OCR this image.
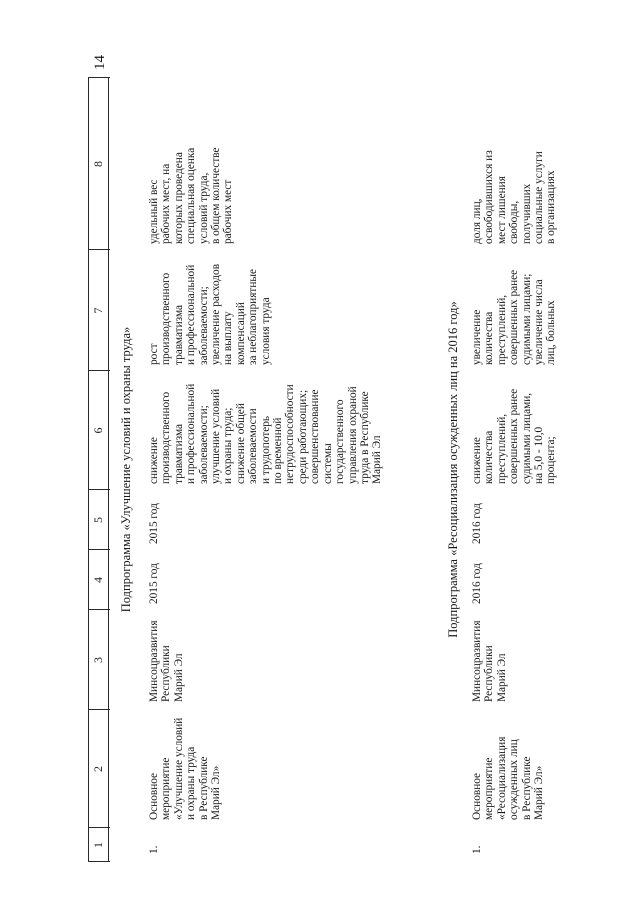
14
1
2
3
4
5
6
7
8
Подпрограмма «Улучшение условий и охраны труда»
1.
Основное
мероприятие
«Улучшение условий
и охраны труда
в Республике
Марий Эл»
Минсоцразвития
Республики
Марий Эл
2015 год
2015 год
снижение
производственного
травматизма
и профессиональной
заболеваемости;
улучшение условий
и охраны труда;
снижение общей
заболеваемости
и трудопотерь
по временной
нетрудоспособности
среди работающих;
совершенствование
системы
государственного
управления охраной
труда в Республике
Марий Эл
рост
производственного
травматизма
и профессиональной
заболеваемости;
увеличение расходов
на выплату
компенсаций
за неблагоприятные
условия труда
удельный вес
рабочих мест, на
которых проведена
специальная оценка
условий труда,
в общем количестве
рабочих мест
Подпрограмма «Ресоциализация осужденных лиц на 2016 год»
1.
Основное
мероприятие
«Ресоциализация
осужденных лиц
в Республике
Марий Эл»
Минсоцразвития
Республики
Марий Эл
2016 год
2016 год
снижение
количества
преступлений,
совершенных ранее
судимыми лицами,
на 5,0 - 10,0
процента;
увеличение
количества
преступлений,
совершенных ранее
судимыми лицами;
увеличение числа
лиц, больных
доля лиц,
освободившихся из
мест лишения
свободы,
получивших
социальные услуги
в организациях
